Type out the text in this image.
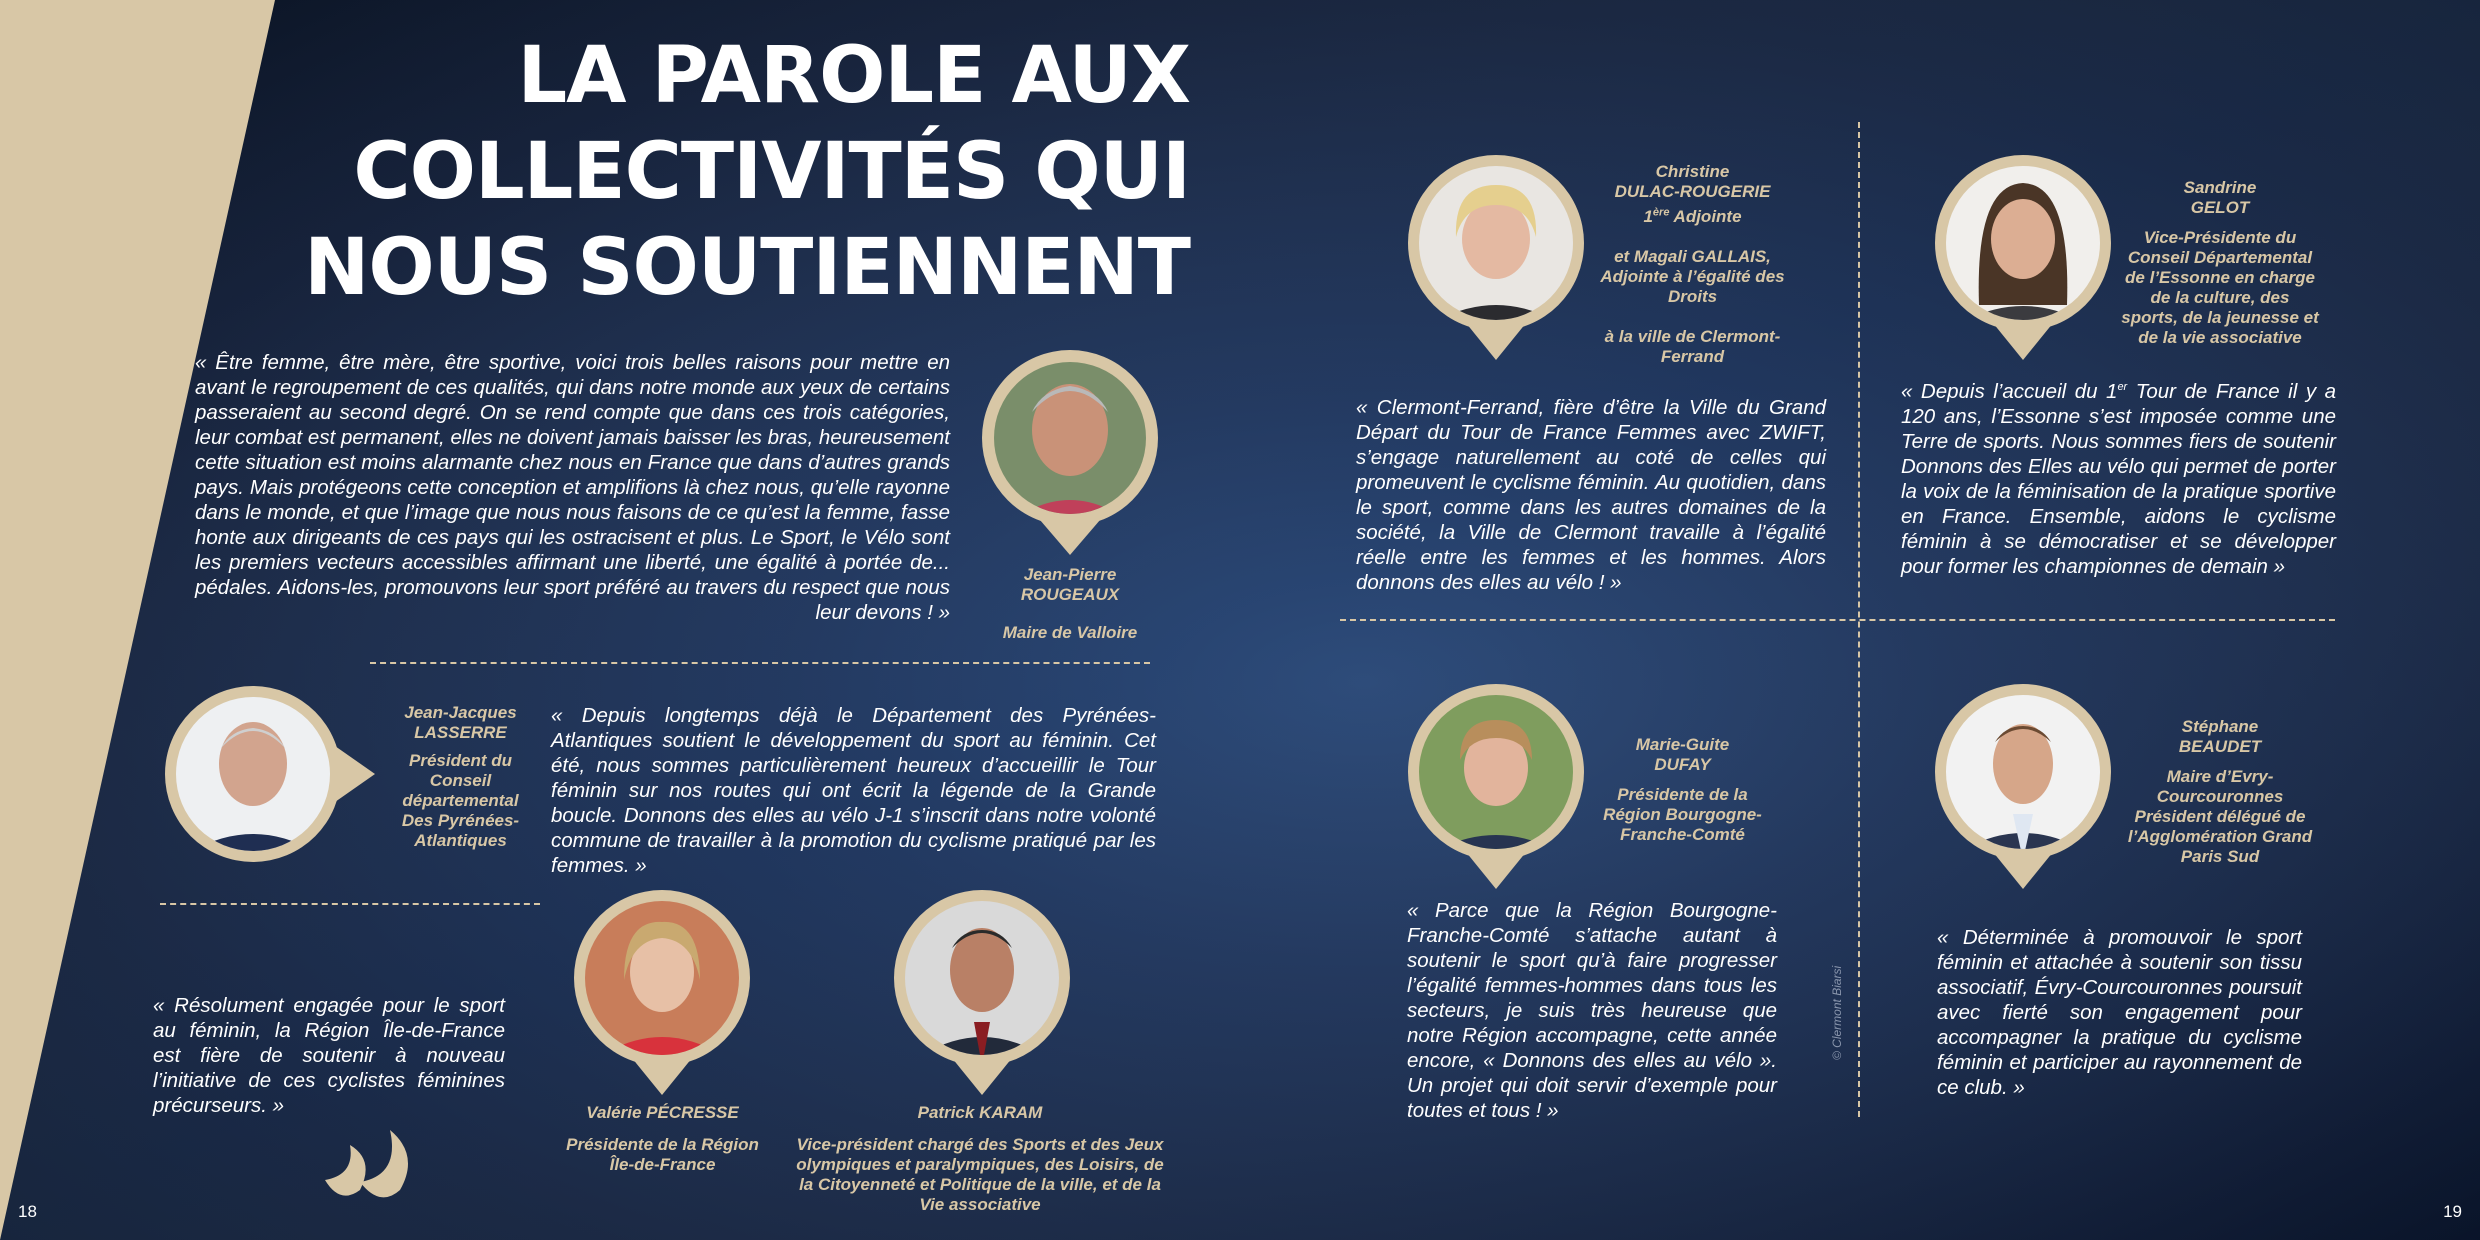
LA PAROLE AUX COLLECTIVITÉS QUI NOUS SOUTIENNENT

« Être femme, être mère, être sportive, voici trois belles raisons pour mettre en avant le regroupement de ces qualités, qui dans notre monde aux yeux de certains passeraient au second degré. On se rend compte que dans ces trois catégories, leur combat est permanent, elles ne doivent jamais baisser les bras, heureusement cette situation est moins alarmante chez nous en France que dans d’autres grands pays. Mais protégeons cette conception et amplifions là chez nous, qu’elle rayonne dans le monde, et que l’image que nous nous faisons de ce qu’est la femme, fasse honte aux dirigeants de ces pays qui les ostracisent et plus. Le Sport, le Vélo sont les premiers vecteurs accessibles affirmant une liberté, une égalité à portée de... pédales. Aidons-les, promouvons leur sport préféré au travers du respect que nous leur devons ! »

Jean-Pierre
ROUGEAUX
Maire de Valloire

Jean-Jacques
LASSERRE
Président du Conseil départemental Des Pyrénées-Atlantiques

« Depuis longtemps déjà le Département des Pyrénées-Atlantiques soutient le développement du sport au féminin. Cet été, nous sommes particulièrement heureux d’accueillir le Tour féminin sur nos routes qui ont écrit la légende de la Grande boucle. Donnons des elles au vélo J-1 s’inscrit dans notre volonté commune de travailler à la promotion du cyclisme pratiqué par les femmes. »

« Résolument engagée pour le sport au féminin, la Région Île-de-France est fière de soutenir à nouveau l’initiative de ces cyclistes féminines précurseurs. »	Valérie PÉCRESSE
Présidente de la Région Île-de-France

Patrick KARAM
Vice-président chargé des Sports et des Jeux olympiques et paralympiques, des Loisirs, de la Citoyenneté et Politique de la ville, et de la Vie associative

18

Christine
DULAC-ROUGERIE
1ère Adjointe
et Magali GALLAIS,
Adjointe à l’égalité des Droits
à la ville de Clermont-Ferrand

« Clermont-Ferrand, fière d’être la Ville du Grand Départ du Tour de France Femmes avec ZWIFT, s’engage naturellement au coté de celles qui promeuvent le cyclisme féminin. Au quotidien, dans le sport, comme dans les autres domaines de la société, la Ville de Clermont travaille à l’égalité réelle entre les femmes et les hommes. Alors donnons des elles au vélo ! »

Sandrine
GELOT
Vice-Présidente du Conseil Départemental de l’Essonne en charge de la culture, des sports, de la jeunesse et de la vie associative

« Depuis l’accueil du 1er Tour de France il y a 120 ans, l’Essonne s’est imposée comme une Terre de sports. Nous sommes fiers de soutenir Donnons des Elles au vélo qui permet de porter la voix de la féminisation de la pratique sportive en France. Ensemble, aidons le cyclisme féminin à se démocratiser et se développer pour former les championnes de demain »

Marie-Guite
DUFAY
Présidente de la Région Bourgogne-Franche-Comté

« Parce que la Région Bourgogne-Franche-Comté s’attache autant à soutenir le sport qu’à faire progresser l’égalité femmes-hommes dans tous les secteurs, je suis très heureuse que notre Région accompagne, cette année encore, « Donnons des elles au vélo ». Un projet qui doit servir d’exemple pour toutes et tous ! »

Stéphane
BEAUDET
Maire d’Evry-Courcouronnes Président délégué de l’Agglomération Grand Paris Sud

« Déterminée à promouvoir le sport féminin et attachée à soutenir son tissu associatif, Évry-Courcouronnes poursuit avec fierté son engagement pour accompagner la pratique du cyclisme féminin et participer au rayonnement de ce club. »

© Clermont Biarsi
19
